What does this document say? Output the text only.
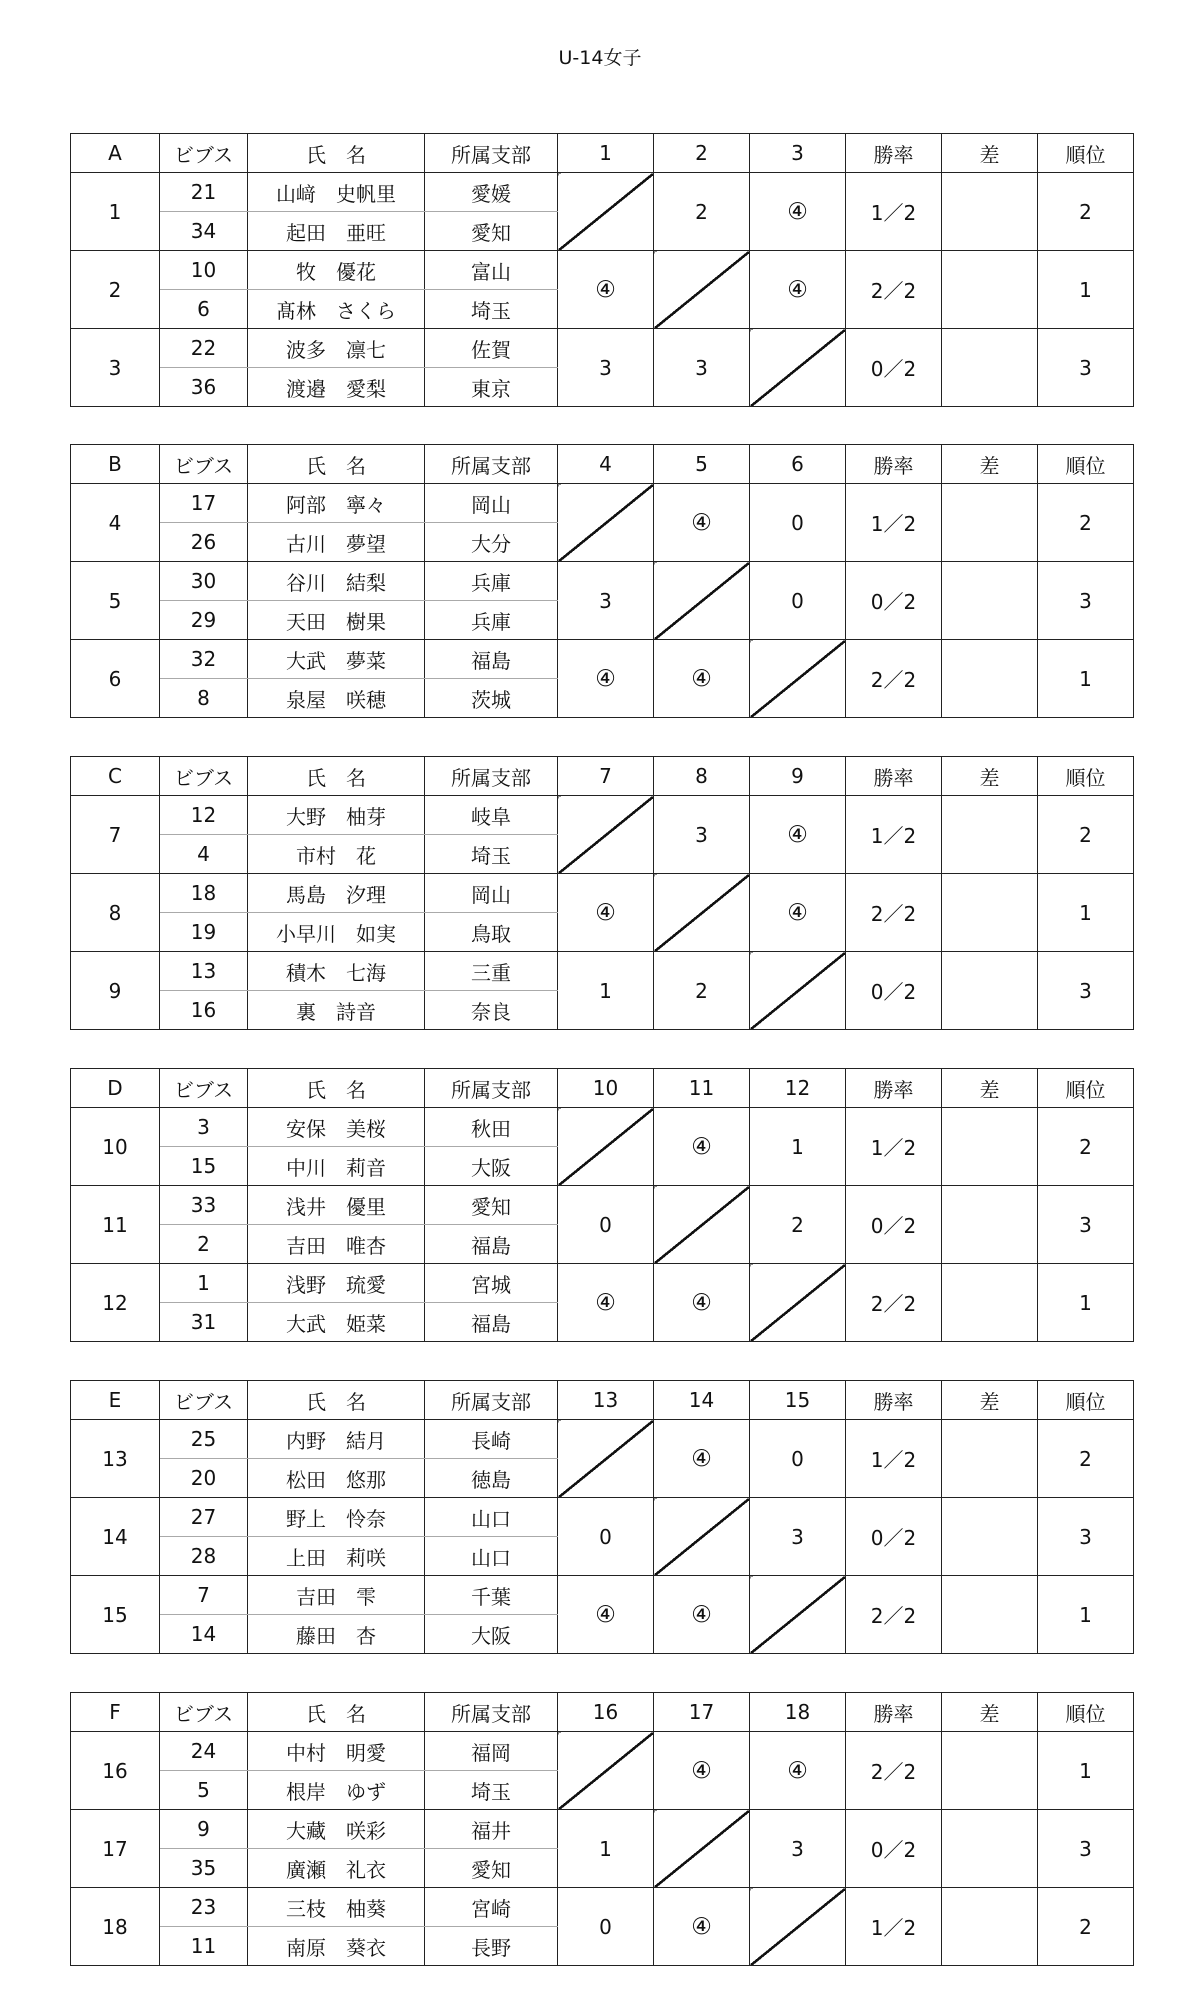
U-14女子
A	ビブス	氏　名	所属支部	1	2	3	勝率	差	順位
1	21	山﨑　史帆里	愛媛		2	④	1／2		2
	34	起田　亜旺	愛知						
2	10	牧　優花	富山	④		④	2／2		1
	6	髙林　さくら	埼玉						
3	22	波多　凛七	佐賀	3	3		0／2		3
	36	渡邉　愛梨	東京						
B	ビブス	氏　名	所属支部	4	5	6	勝率	差	順位
4	17	阿部　寧々	岡山		④	0	1／2		2
	26	古川　夢望	大分						
5	30	谷川　結梨	兵庫	3		0	0／2		3
	29	天田　樹果	兵庫						
6	32	大武　夢菜	福島	④	④		2／2		1
	8	泉屋　咲穂	茨城						
C	ビブス	氏　名	所属支部	7	8	9	勝率	差	順位
7	12	大野　柚芽	岐阜		3	④	1／2		2
	4	市村　花	埼玉						
8	18	馬島　汐理	岡山	④		④	2／2		1
	19	小早川　如実	鳥取						
9	13	積木　七海	三重	1	2		0／2		3
	16	裏　詩音	奈良						
D	ビブス	氏　名	所属支部	10	11	12	勝率	差	順位
10	3	安保　美桜	秋田		④	1	1／2		2
	15	中川　莉音	大阪						
11	33	浅井　優里	愛知	0		2	0／2		3
	2	吉田　唯杏	福島						
12	1	浅野　琉愛	宮城	④	④		2／2		1
	31	大武　姫菜	福島						
E	ビブス	氏　名	所属支部	13	14	15	勝率	差	順位
13	25	内野　結月	長崎		④	0	1／2		2
	20	松田　悠那	徳島						
14	27	野上　怜奈	山口	0		3	0／2		3
	28	上田　莉咲	山口						
15	7	吉田　雫	千葉	④	④		2／2		1
	14	藤田　杏	大阪						
F	ビブス	氏　名	所属支部	16	17	18	勝率	差	順位
16	24	中村　明愛	福岡		④	④	2／2		1
	5	根岸　ゆず	埼玉						
17	9	大藏　咲彩	福井	1		3	0／2		3
	35	廣瀬　礼衣	愛知						
18	23	三枝　柚葵	宮崎	0	④		1／2		2
	11	南原　葵衣	長野						
